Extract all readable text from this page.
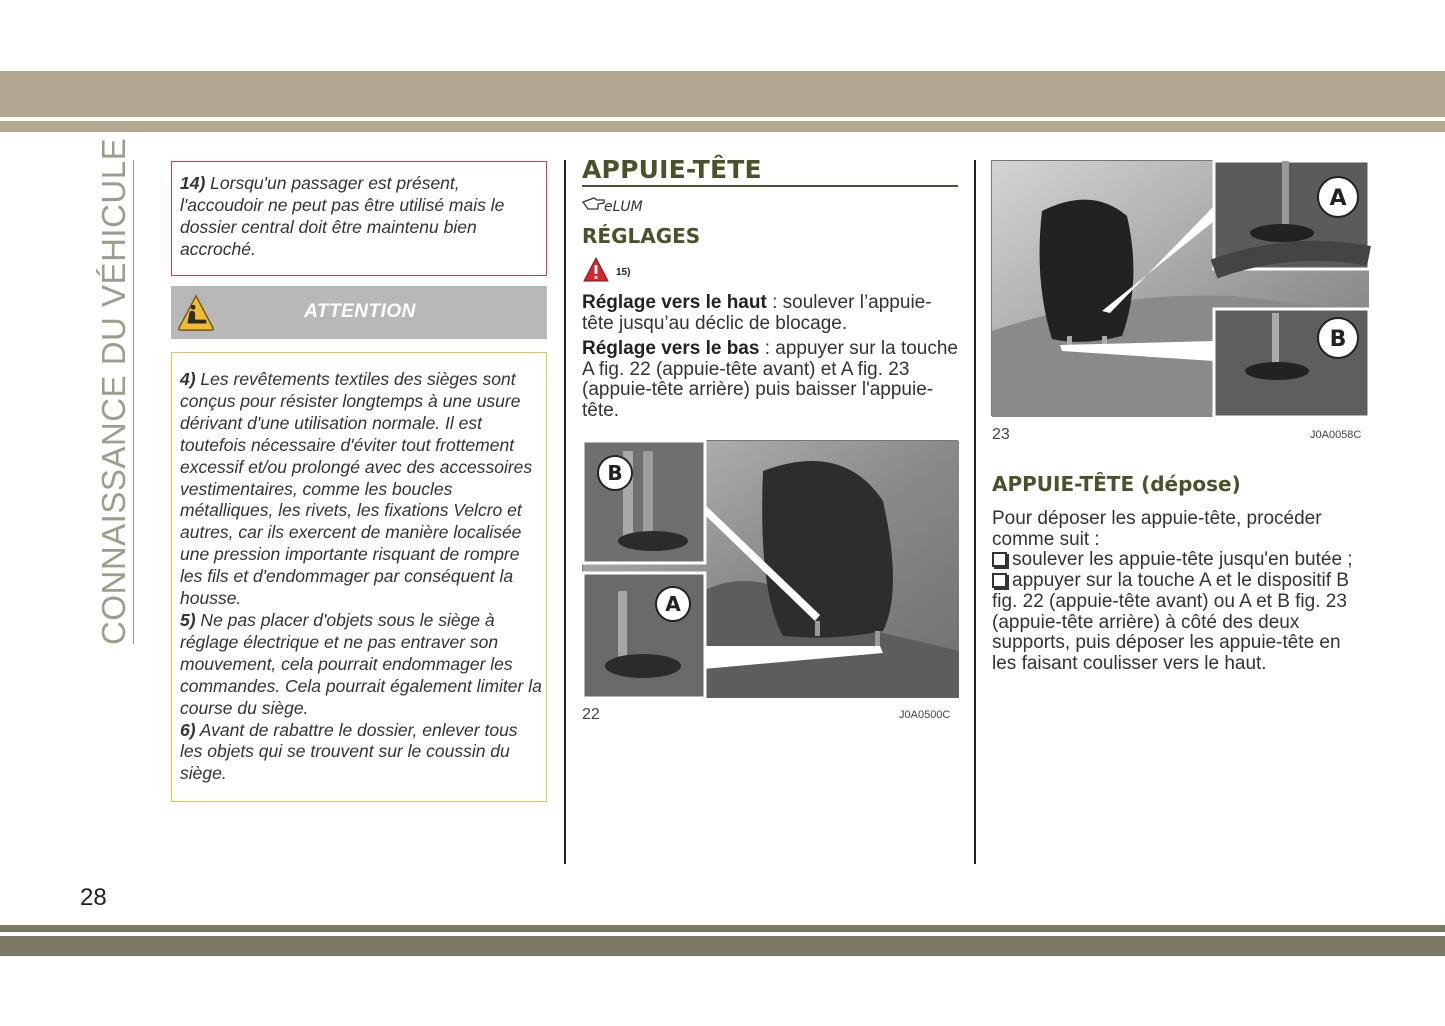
CONNAISSANCE DU VÉHICULE
28
14) Lorsqu'un passager est présent, l'accoudoir ne peut pas être utilisé mais le dossier central doit être maintenu bien accroché.
ATTENTION
4) Les revêtements textiles des sièges sont conçus pour résister longtemps à une usure dérivant d'une utilisation normale. Il est toutefois nécessaire d'éviter tout frottement excessif et/ou prolongé avec des accessoires vestimentaires, comme les boucles métalliques, les rivets, les fixations Velcro et autres, car ils exercent de manière localisée une pression importante risquant de rompre les fils et d'endommager par conséquent la housse.
5) Ne pas placer d'objets sous le siège à réglage électrique et ne pas entraver son mouvement, cela pourrait endommager les commandes. Cela pourrait également limiter la course du siège.
6) Avant de rabattre le dossier, enlever tous les objets qui se trouvent sur le coussin du siège.
APPUIE-TÊTE
eLUM
RÉGLAGES
15)
Réglage vers le haut : soulever l’appuie-tête jusqu’au déclic de blocage.
Réglage vers le bas : appuyer sur la touche A fig. 22 (appuie-tête avant) et A fig. 23 (appuie-tête arrière) puis baisser l'appuie-tête.
B
A
22	J0A0500C
A
B
23	J0A0058C
APPUIE-TÊTE (dépose)
Pour déposer les appuie-tête, procéder comme suit :
soulever les appuie-tête jusqu'en butée ;
appuyer sur la touche A et le dispositif B fig. 22 (appuie-tête avant) ou A et B fig. 23 (appuie-tête arrière) à côté des deux supports, puis déposer les appuie-tête en les faisant coulisser vers le haut.
